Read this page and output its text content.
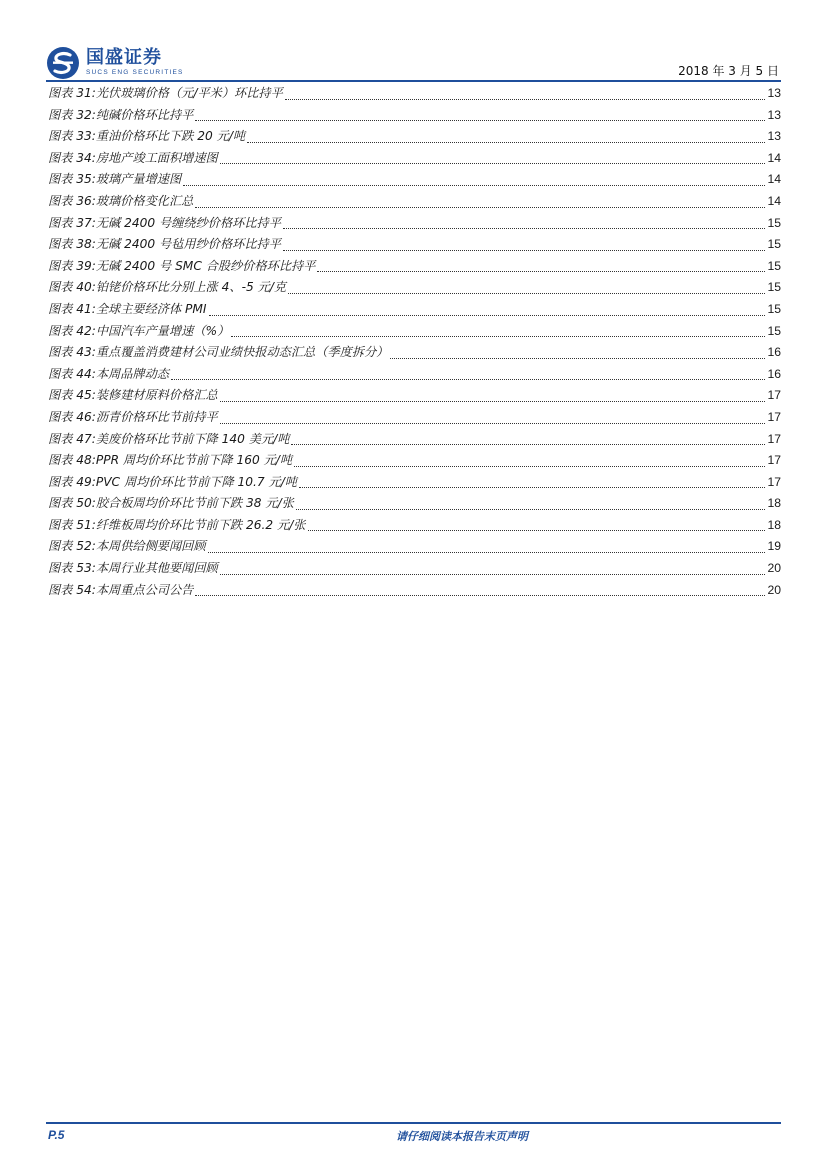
国盛证券
SUCS ENG SECURITIES	2018 年 3 月 5 日
图表 31: 光伏玻璃价格（元/平米）环比持平	13
图表 32: 纯碱价格环比持平	13
图表 33: 重油价格环比下跌 20 元/吨	13
图表 34: 房地产竣工面积增速图	14
图表 35: 玻璃产量增速图	14
图表 36: 玻璃价格变化汇总	14
图表 37: 无碱 2400 号缠绕纱价格环比持平	15
图表 38: 无碱 2400 号毡用纱价格环比持平	15
图表 39: 无碱 2400 号 SMC 合股纱价格环比持平	15
图表 40: 铂铑价格环比分别上涨 4、-5 元/克	15
图表 41: 全球主要经济体 PMI	15
图表 42: 中国汽车产量增速（%）	15
图表 43: 重点覆盖消费建材公司业绩快报动态汇总（季度拆分）	16
图表 44: 本周品牌动态	16
图表 45: 装修建材原料价格汇总	17
图表 46: 沥青价格环比节前持平	17
图表 47: 美废价格环比节前下降 140 美元/吨	17
图表 48: PPR 周均价环比节前下降 160 元/吨	17
图表 49: PVC 周均价环比节前下降 10.7 元/吨	17
图表 50: 胶合板周均价环比节前下跌 38 元/张	18
图表 51: 纤维板周均价环比节前下跌 26.2 元/张	18
图表 52: 本周供给侧要闻回顾	19
图表 53: 本周行业其他要闻回顾	20
图表 54: 本周重点公司公告	20
P.5	请仔细阅读本报告末页声明
